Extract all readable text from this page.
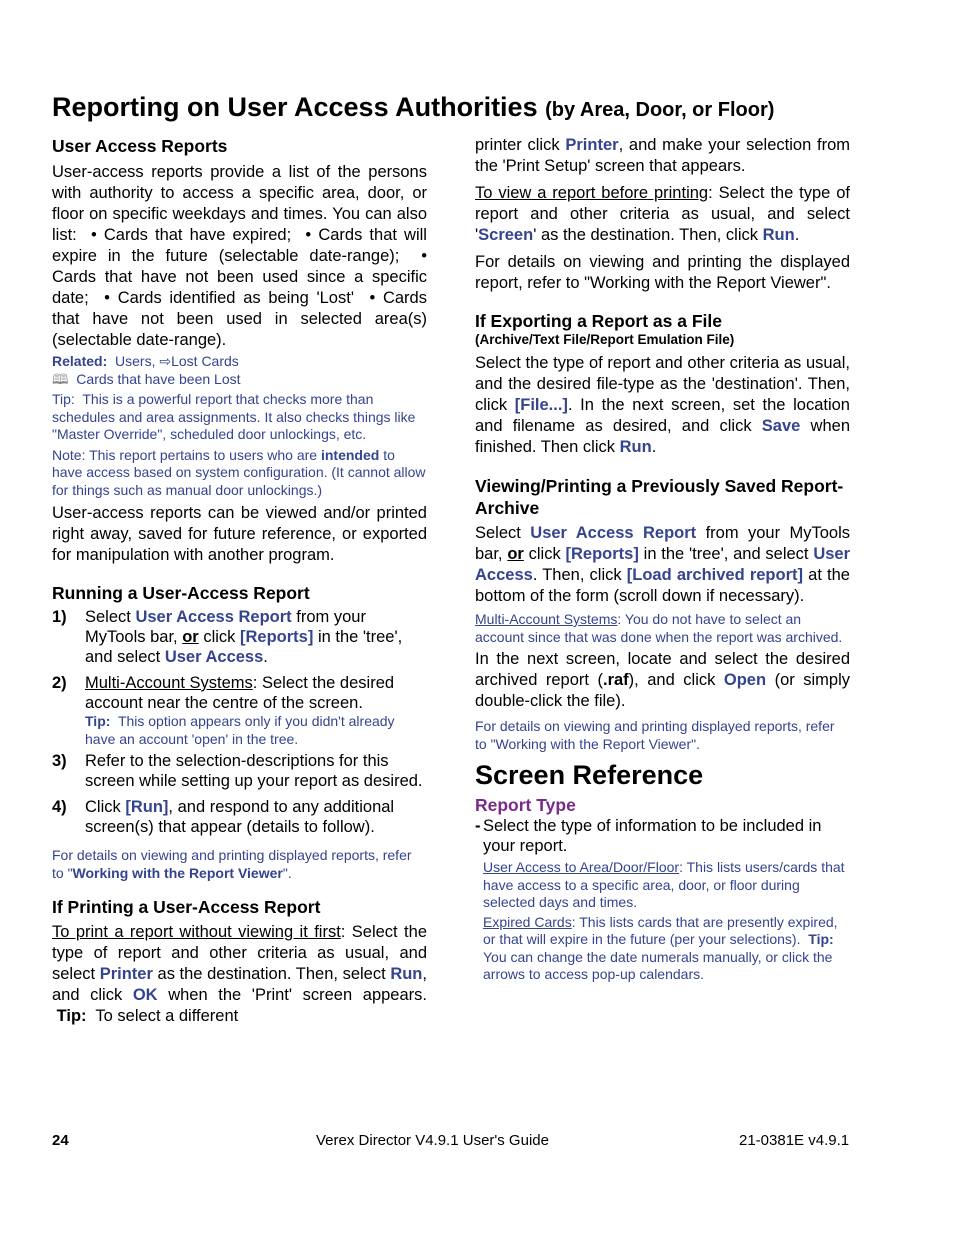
Reporting on User Access Authorities (by Area, Door, or Floor)
User Access Reports

User-access reports provide a list of the persons with authority to access a specific area, door, or floor on specific weekdays and times. You can also list: • Cards that have expired; • Cards that will expire in the future (selectable date-range); • Cards that have not been used since a specific date; • Cards identified as being 'Lost' • Cards that have not been used in selected area(s) (selectable date-range).

Related: Users, ⇨Lost Cards

🕮 Cards that have been Lost

Tip: This is a powerful report that checks more than schedules and area assignments. It also checks things like "Master Override", scheduled door unlockings, etc.

Note: This report pertains to users who are intended to have access based on system configuration. (It cannot allow for things such as manual door unlockings.)

User-access reports can be viewed and/or printed right away, saved for future reference, or exported for manipulation with another program.

Running a User-Access Report
1)	Select User Access Report from your MyTools bar, or click [Reports] in the 'tree', and select User Access.
2)	Multi-Account Systems: Select the desired account near the centre of the screen.
Tip: This option appears only if you didn't already have an account 'open' in the tree.
3)	Refer to the selection-descriptions for this screen while setting up your report as desired.
4)	Click [Run], and respond to any additional screen(s) that appear (details to follow).

For details on viewing and printing displayed reports, refer to "Working with the Report Viewer".

If Printing a User-Access Report

To print a report without viewing it first: Select the type of report and other criteria as usual, and select Printer as the destination. Then, select Run, and click OK when the 'Print' screen appears.  Tip: To select a different

printer click Printer, and make your selection from the 'Print Setup' screen that appears.

To view a report before printing: Select the type of report and other criteria as usual, and select 'Screen' as the destination. Then, click Run.

For details on viewing and printing the displayed report, refer to "Working with the Report Viewer".

If Exporting a Report as a File
(Archive/Text File/Report Emulation File)

Select the type of report and other criteria as usual, and the desired file-type as the 'destination'. Then, click [File...]. In the next screen, set the location and filename as desired, and click Save when finished. Then click Run.

Viewing/Printing a Previously Saved Report-Archive

Select User Access Report from your MyTools bar, or click [Reports] in the 'tree', and select User Access. Then, click [Load archived report] at the bottom of the form (scroll down if necessary).

Multi-Account Systems: You do not have to select an account since that was done when the report was archived.

In the next screen, locate and select the desired archived report (.raf), and click Open (or simply double-click the file).

For details on viewing and printing displayed reports, refer to "Working with the Report Viewer".

Screen Reference
Report Type

- Select the type of information to be included in your report.

User Access to Area/Door/Floor: This lists users/cards that have access to a specific area, door, or floor during selected days and times.

Expired Cards: This lists cards that are presently expired, or that will expire in the future (per your selections). Tip:  You can change the date numerals manually, or click the arrows to access pop-up calendars.

24	Verex Director V4.9.1 User's Guide	21-0381E v4.9.1
